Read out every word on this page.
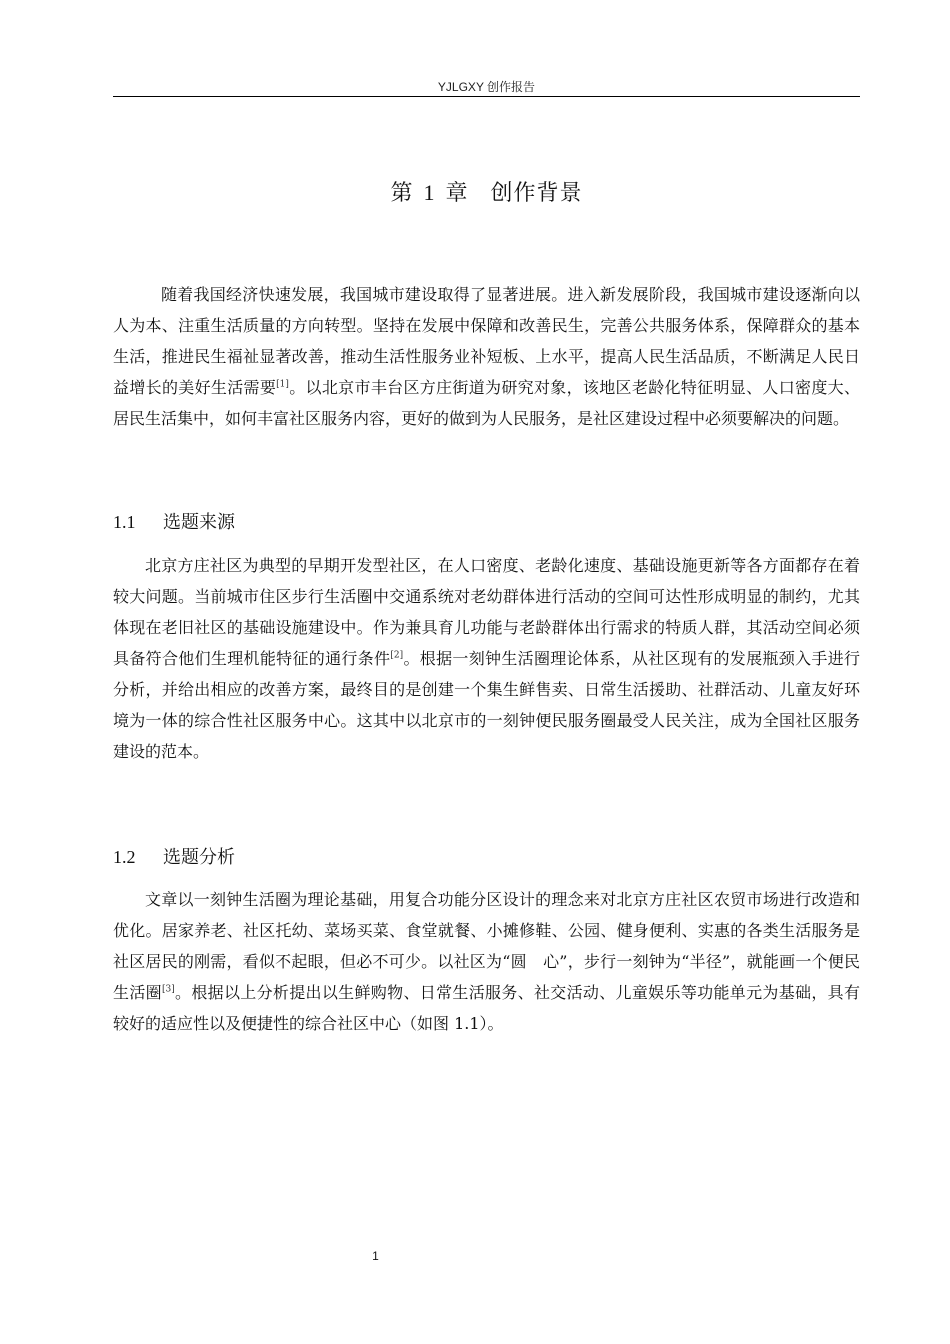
YJLGXY 创作报告
第 1 章 创作背景

随着我国经济快速发展，我国城市建设取得了显著进展。进入新发展阶段，我国城市建设逐渐向以人为本、注重生活质量的方向转型。坚持在发展中保障和改善民生，完善公共服务体系，保障群众的基本生活，推进民生福祉显著改善，推动生活性服务业补短板、上水平，提高人民生活品质，不断满足人民日益增长的美好生活需要[1]。以北京市丰台区方庄街道为研究对象，该地区老龄化特征明显、人口密度大、居民生活集中，如何丰富社区服务内容，更好的做到为人民服务，是社区建设过程中必须要解决的问题。

1.1 选题来源

北京方庄社区为典型的早期开发型社区，在人口密度、老龄化速度、基础设施更新等各方面都存在着较大问题。当前城市住区步行生活圈中交通系统对老幼群体进行活动的空间可达性形成明显的制约，尤其体现在老旧社区的基础设施建设中。作为兼具育儿功能与老龄群体出行需求的特质人群，其活动空间必须具备符合他们生理机能特征的通行条件[2]。根据一刻钟生活圈理论体系，从社区现有的发展瓶颈入手进行分析，并给出相应的改善方案，最终目的是创建一个集生鲜售卖、日常生活援助、社群活动、儿童友好环境为一体的综合性社区服务中心。这其中以北京市的一刻钟便民服务圈最受人民关注，成为全国社区服务建设的范本。

1.2 选题分析

文章以一刻钟生活圈为理论基础，用复合功能分区设计的理念来对北京方庄社区农贸市场进行改造和优化。居家养老、社区托幼、菜场买菜、食堂就餐、小摊修鞋、公园、健身便利、实惠的各类生活服务是社区居民的刚需，看似不起眼，但必不可少。以社区为“圆　心”，步行一刻钟为“半径”，就能画一个便民生活圈[3]。根据以上分析提出以生鲜购物、日常生活服务、社交活动、儿童娱乐等功能单元为基础，具有较好的适应性以及便捷性的综合社区中心（如图 1.1）。

1
